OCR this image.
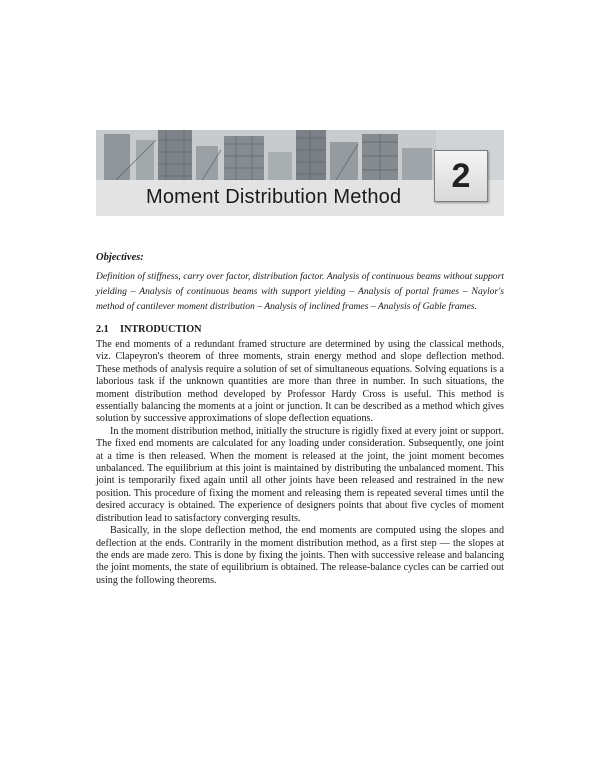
Moment Distribution Method
2

Objectives:

Definition of stiffness, carry over factor, distribution factor. Analysis of continuous beams without support yielding – Analysis of continuous beams with support yielding – Analysis of portal frames – Naylor's method of cantilever moment distribution – Analysis of inclined frames – Analysis of Gable frames.

2.1 INTRODUCTION

The end moments of a redundant framed structure are determined by using the classical methods, viz. Clapeyron's theorem of three moments, strain energy method and slope deflection method. These methods of analysis require a solution of set of simultaneous equations. Solving equations is a laborious task if the unknown quantities are more than three in number. In such situations, the moment distribution method developed by Professor Hardy Cross is useful. This method is essentially balancing the moments at a joint or junction. It can be described as a method which gives solution by successive approximations of slope deflection equations.

In the moment distribution method, initially the structure is rigidly fixed at every joint or support. The fixed end moments are calculated for any loading under consideration. Subsequently, one joint at a time is then released. When the moment is released at the joint, the joint moment becomes unbalanced. The equilibrium at this joint is maintained by distributing the unbalanced moment. This joint is temporarily fixed again until all other joints have been released and restrained in the new position. This procedure of fixing the moment and releasing them is repeated several times until the desired accuracy is obtained. The experience of designers points that about five cycles of moment distribution lead to satisfactory converging results.

Basically, in the slope deflection method, the end moments are computed using the slopes and deflection at the ends. Contrarily in the moment distribution method, as a first step — the slopes at the ends are made zero. This is done by fixing the joints. Then with successive release and balancing the joint moments, the state of equilibrium is obtained. The release-balance cycles can be carried out using the following theorems.
